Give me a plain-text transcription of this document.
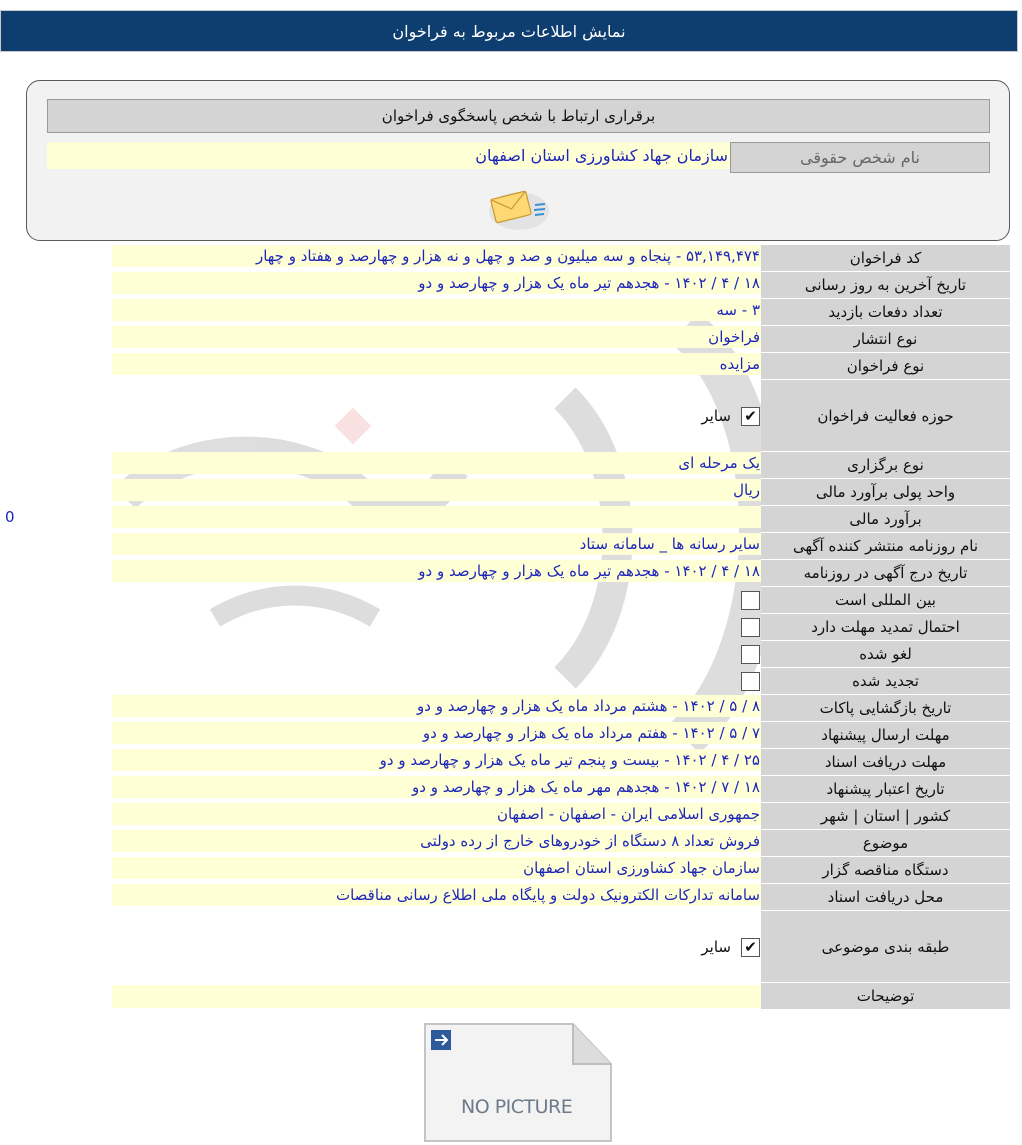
نمایش اطلاعات مربوط به فراخوان
برقراری ارتباط با شخص پاسخگوی فراخوان
نام شخص حقوقی
سازمان جهاد کشاورزی استان اصفهان
کد فراخوان
۵۳,۱۴۹,۴۷۴ - پنجاه و سه میلیون و صد و چهل و نه هزار و چهارصد و هفتاد و چهار
تاریخ آخرین به روز رسانی
۱۸ / ۴ / ۱۴۰۲ - هجدهم تیر ماه یک هزار و چهارصد و دو
تعداد دفعات بازدید
۳ - سه
نوع انتشار
فراخوان
نوع فراخوان
مزایده
حوزه فعالیت فراخوان
✔
سایر
نوع برگزاری
یک مرحله ای
واحد پولی برآورد مالی
ریال
برآورد مالی
0
نام روزنامه منتشر کننده آگهی
سایر رسانه ها _ سامانه ستاد
تاریخ درج آگهی در روزنامه
۱۸ / ۴ / ۱۴۰۲ - هجدهم تیر ماه یک هزار و چهارصد و دو
بین المللی است
احتمال تمدید مهلت دارد
لغو شده
تجدید شده
تاریخ بازگشایی پاکات
۸ / ۵ / ۱۴۰۲ - هشتم مرداد ماه یک هزار و چهارصد و دو
مهلت ارسال پیشنهاد
۷ / ۵ / ۱۴۰۲ - هفتم مرداد ماه یک هزار و چهارصد و دو
مهلت دریافت اسناد
۲۵ / ۴ / ۱۴۰۲ - بیست و پنجم تیر ماه یک هزار و چهارصد و دو
تاریخ اعتبار پیشنهاد
۱۸ / ۷ / ۱۴۰۲ - هجدهم مهر ماه یک هزار و چهارصد و دو
کشور | استان | شهر
جمهوری اسلامی ایران - اصفهان - اصفهان
موضوع
فروش تعداد ۸ دستگاه از خودروهای خارج از رده دولتی
دستگاه مناقصه گزار
سازمان جهاد کشاورزی استان اصفهان
محل دریافت اسناد
سامانه تدارکات الکترونیک دولت و پایگاه ملی اطلاع رسانی مناقصات
طبقه بندی موضوعی
✔
سایر
توضیحات
NO PICTURE
